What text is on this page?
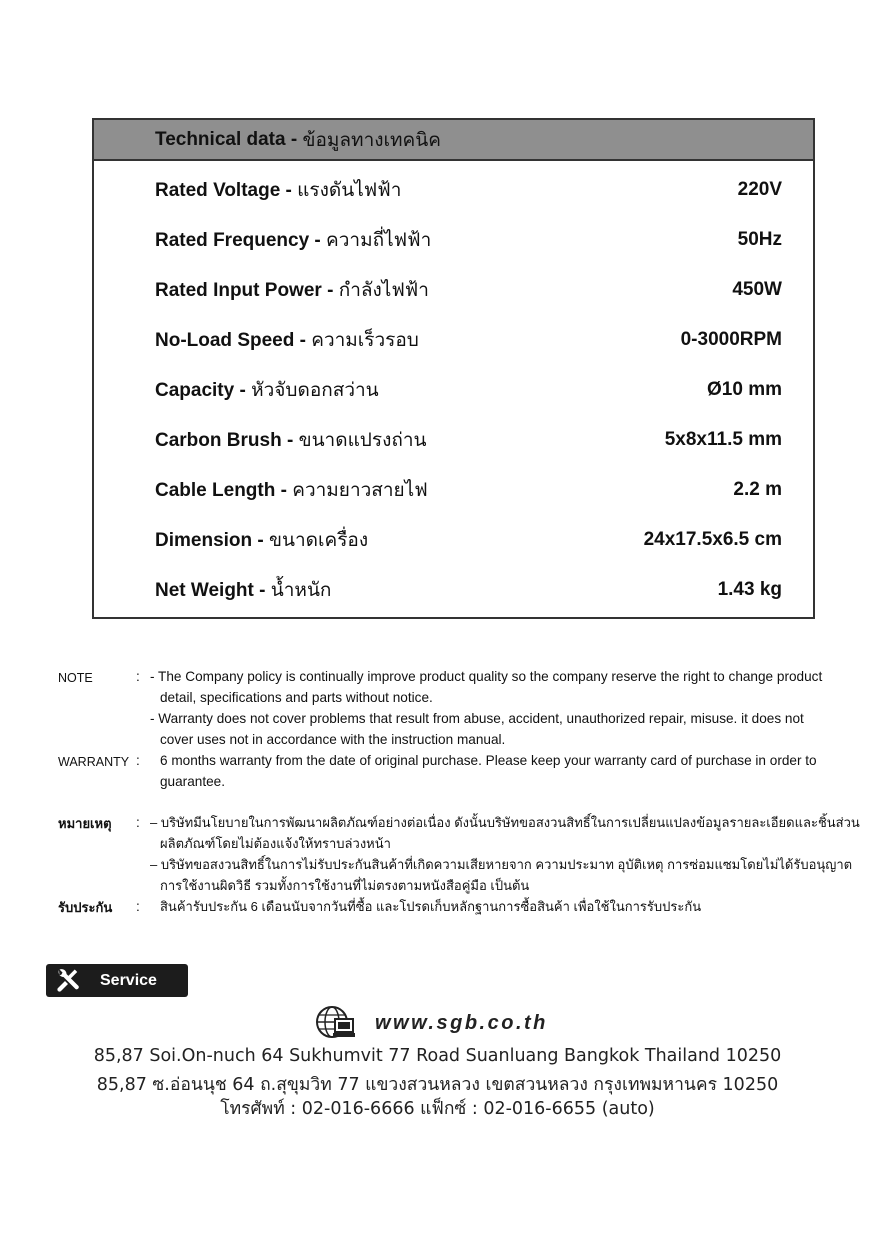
Technical data - ข้อมูลทางเทคนิค
Rated Voltage - แรงดันไฟฟ้า	220V
Rated Frequency - ความถี่ไฟฟ้า	50Hz
Rated Input Power - กำลังไฟฟ้า	450W
No-Load Speed - ความเร็วรอบ	0-3000RPM
Capacity - หัวจับดอกสว่าน	Ø10 mm
Carbon Brush - ขนาดแปรงถ่าน	5x8x11.5 mm
Cable Length - ความยาวสายไฟ	2.2 m
Dimension - ขนาดเครื่อง	24x17.5x6.5 cm
Net Weight - น้ำหนัก	1.43 kg
NOTE	: - The Company policy is continually improve product quality so the company reserve the right to change product
detail, specifications and parts without notice.
- Warranty does not cover problems that result from abuse, accident, unauthorized repair, misuse. it does not
cover uses not in accordance with the instruction manual.
WARRANTY : 6 months warranty from the date of original purchase. Please keep your warranty card of purchase in order to
guarantee.
หมายเหตุ : – บริษัทมีนโยบายในการพัฒนาผลิตภัณฑ์อย่างต่อเนื่อง ดังนั้นบริษัทขอสงวนสิทธิ์ในการเปลี่ยนแปลงข้อมูลรายละเอียดและชิ้นส่วน
ผลิตภัณฑ์โดยไม่ต้องแจ้งให้ทราบล่วงหน้า
– บริษัทขอสงวนสิทธิ์ในการไม่รับประกันสินค้าที่เกิดความเสียหายจาก ความประมาท อุบัติเหตุ การซ่อมแซมโดยไม่ได้รับอนุญาต
การใช้งานผิดวิธี รวมทั้งการใช้งานที่ไม่ตรงตามหนังสือคู่มือ เป็นต้น
รับประกัน : สินค้ารับประกัน 6 เดือนนับจากวันที่ซื้อ และโปรดเก็บหลักฐานการซื้อสินค้า เพื่อใช้ในการรับประกัน
Service
www.sgb.co.th
85,87 Soi.On-nuch 64 Sukhumvit 77 Road Suanluang Bangkok Thailand 10250
85,87 ซ.อ่อนนุช 64 ถ.สุขุมวิท 77 แขวงสวนหลวง เขตสวนหลวง กรุงเทพมหานคร 10250
โทรศัพท์ : 02-016-6666 แฟ็กซ์ : 02-016-6655 (auto)
